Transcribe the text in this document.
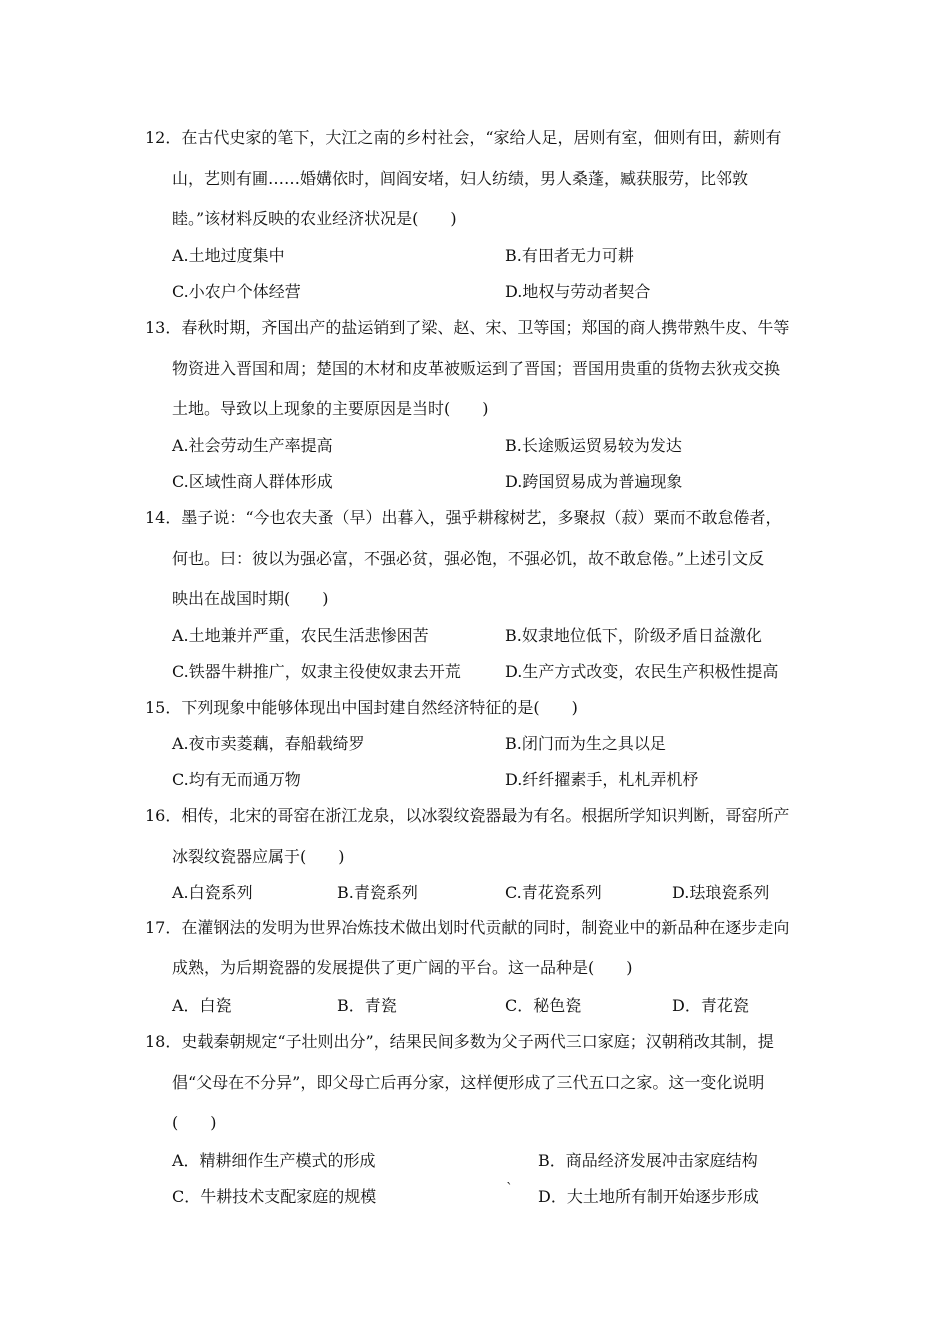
12．在古代史家的笔下，大江之南的乡村社会，“家给人足，居则有室，佃则有田，薪则有
山，艺则有圃……婚媾依时，闾阎安堵，妇人纺绩，男人桑蓬，臧获服劳，比邻敦
睦。”该材料反映的农业经济状况是(　　)
A.土地过度集中	B.有田者无力可耕
C.小农户个体经营	D.地权与劳动者契合
13．春秋时期，齐国出产的盐运销到了梁、赵、宋、卫等国；郑国的商人携带熟牛皮、牛等
物资进入晋国和周；楚国的木材和皮革被贩运到了晋国；晋国用贵重的货物去狄戎交换
土地。导致以上现象的主要原因是当时(　　)
A.社会劳动生产率提高	B.长途贩运贸易较为发达
C.区域性商人群体形成	D.跨国贸易成为普遍现象
14．墨子说：“今也农夫蚤（早）出暮入，强乎耕稼树艺，多聚叔（菽）粟而不敢怠倦者，
何也。曰：彼以为强必富，不强必贫，强必饱，不强必饥，故不敢怠倦。”上述引文反
映出在战国时期(　　)
A.土地兼并严重，农民生活悲惨困苦	B.奴隶地位低下，阶级矛盾日益激化
C.铁器牛耕推广，奴隶主役使奴隶去开荒	D.生产方式改变，农民生产积极性提高
15．下列现象中能够体现出中国封建自然经济特征的是(　　)
A.夜市卖菱藕，春船载绮罗	B.闭门而为生之具以足
C.均有无而通万物	D.纤纤擢素手，札札弄机杼
16．相传，北宋的哥窑在浙江龙泉，以冰裂纹瓷器最为有名。根据所学知识判断，哥窑所产
冰裂纹瓷器应属于(　　)
A.白瓷系列	B.青瓷系列	C.青花瓷系列	D.珐琅瓷系列
17．在灌钢法的发明为世界冶炼技术做出划时代贡献的同时，制瓷业中的新品种在逐步走向
成熟，为后期瓷器的发展提供了更广阔的平台。这一品种是(　　)
A．白瓷	B．青瓷	C．秘色瓷	D．青花瓷
18．史载秦朝规定“子壮则出分”，结果民间多数为父子两代三口家庭；汉朝稍改其制，提
倡“父母在不分异”，即父母亡后再分家，这样便形成了三代五口之家。这一变化说明
(　　)
A．精耕细作生产模式的形成	B．商品经济发展冲击家庭结构
C．牛耕技术支配家庭的规模	` D．大土地所有制开始逐步形成
